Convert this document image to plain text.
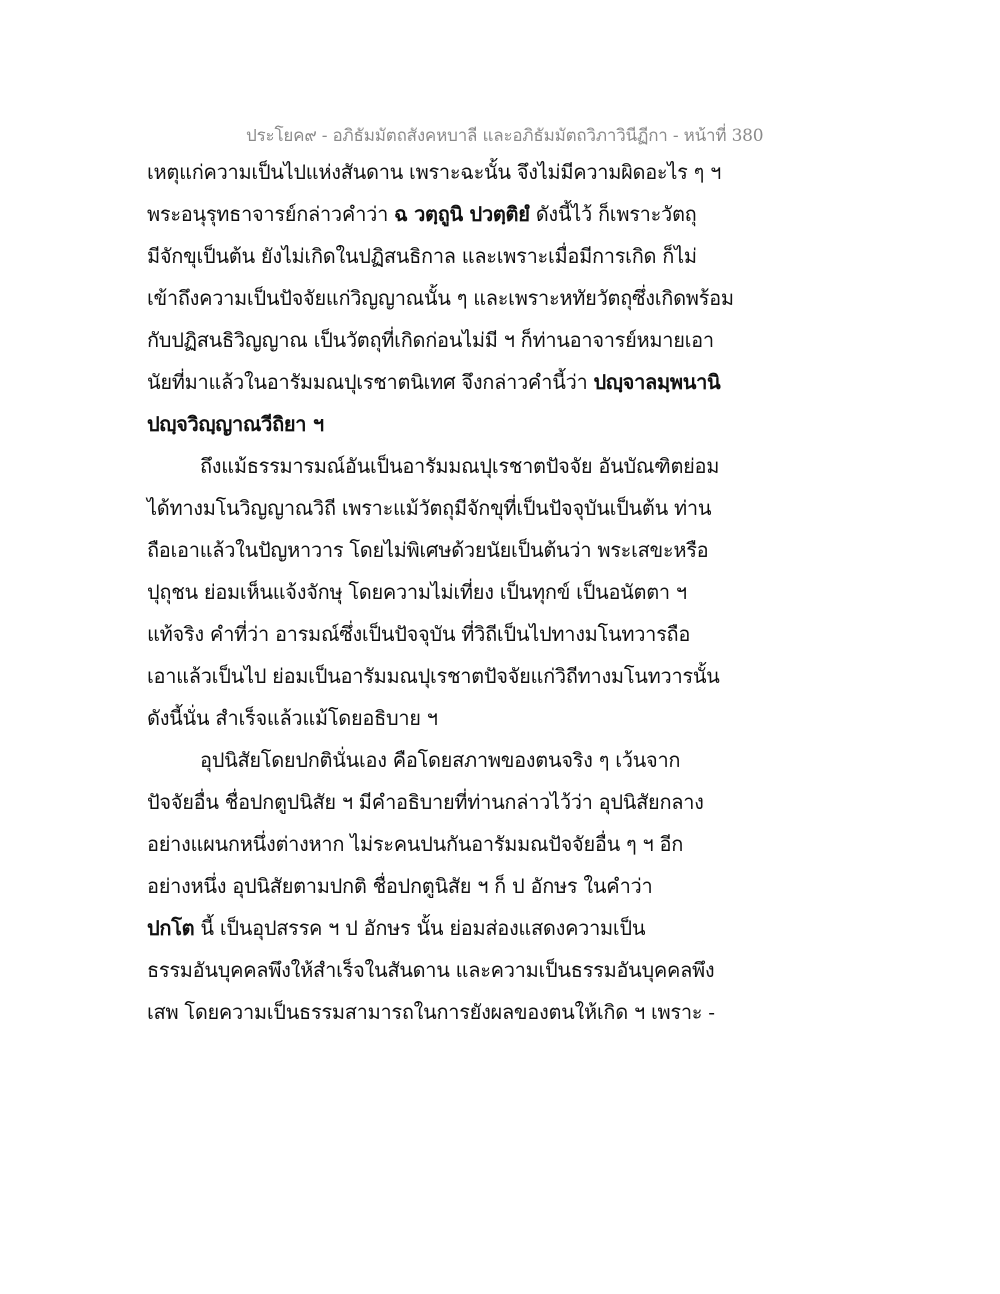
ประโยค๙ - อภิธัมมัตถสังคหบาลี และอภิธัมมัตถวิภาวินีฏีกา - หน้าที่ 380
เหตุแก่ความเป็นไปแห่งสันดาน เพราะฉะนั้น จึงไม่มีความผิดอะไร ๆ ฯ
พระอนุรุทธาจารย์กล่าวคำว่า ฉ วตฺถูนิ ปวตฺติยํ ดังนี้ไว้ ก็เพราะวัตถุ
มีจักขุเป็นต้น ยังไม่เกิดในปฏิสนธิกาล และเพราะเมื่อมีการเกิด ก็ไม่
เข้าถึงความเป็นปัจจัยแก่วิญญาณนั้น ๆ และเพราะหทัยวัตถุซึ่งเกิดพร้อม
กับปฏิสนธิวิญญาณ เป็นวัตถุที่เกิดก่อนไม่มี ฯ ก็ท่านอาจารย์หมายเอา
นัยที่มาแล้วในอารัมมณปุเรชาตนิเทศ จึงกล่าวคำนี้ว่า ปญฺจาลมฺพนานิ
ปญฺจวิญฺญาณวีถิยา ฯ
ถึงแม้ธรรมารมณ์อันเป็นอารัมมณปุเรชาตปัจจัย อันบัณฑิตย่อม
ได้ทางมโนวิญญาณวิถี เพราะแม้วัตถุมีจักขุที่เป็นปัจจุบันเป็นต้น ท่าน
ถือเอาแล้วในปัญหาวาร โดยไม่พิเศษด้วยนัยเป็นต้นว่า พระเสขะหรือ
ปุถุชน ย่อมเห็นแจ้งจักษุ โดยความไม่เที่ยง เป็นทุกข์ เป็นอนัตตา ฯ
แท้จริง คำที่ว่า อารมณ์ซึ่งเป็นปัจจุบัน ที่วิถีเป็นไปทางมโนทวารถือ
เอาแล้วเป็นไป ย่อมเป็นอารัมมณปุเรชาตปัจจัยแก่วิถีทางมโนทวารนั้น
ดังนี้นั่น สำเร็จแล้วแม้โดยอธิบาย ฯ
อุปนิสัยโดยปกตินั่นเอง คือโดยสภาพของตนจริง ๆ เว้นจาก
ปัจจัยอื่น ชื่อปกตูปนิสัย ฯ มีคำอธิบายที่ท่านกล่าวไว้ว่า อุปนิสัยกลาง
อย่างแผนกหนึ่งต่างหาก ไม่ระคนปนกันอารัมมณปัจจัยอื่น ๆ ฯ อีก
อย่างหนึ่ง อุปนิสัยตามปกติ ชื่อปกตูนิสัย ฯ ก็ ป อักษร ในคำว่า
ปกโต นี้ เป็นอุปสรรค ฯ ป อักษร นั้น ย่อมส่องแสดงความเป็น
ธรรมอันบุคคลพึงให้สำเร็จในสันดาน และความเป็นธรรมอันบุคคลพึง
เสพ โดยความเป็นธรรมสามารถในการยังผลของตนให้เกิด ฯ เพราะ -
